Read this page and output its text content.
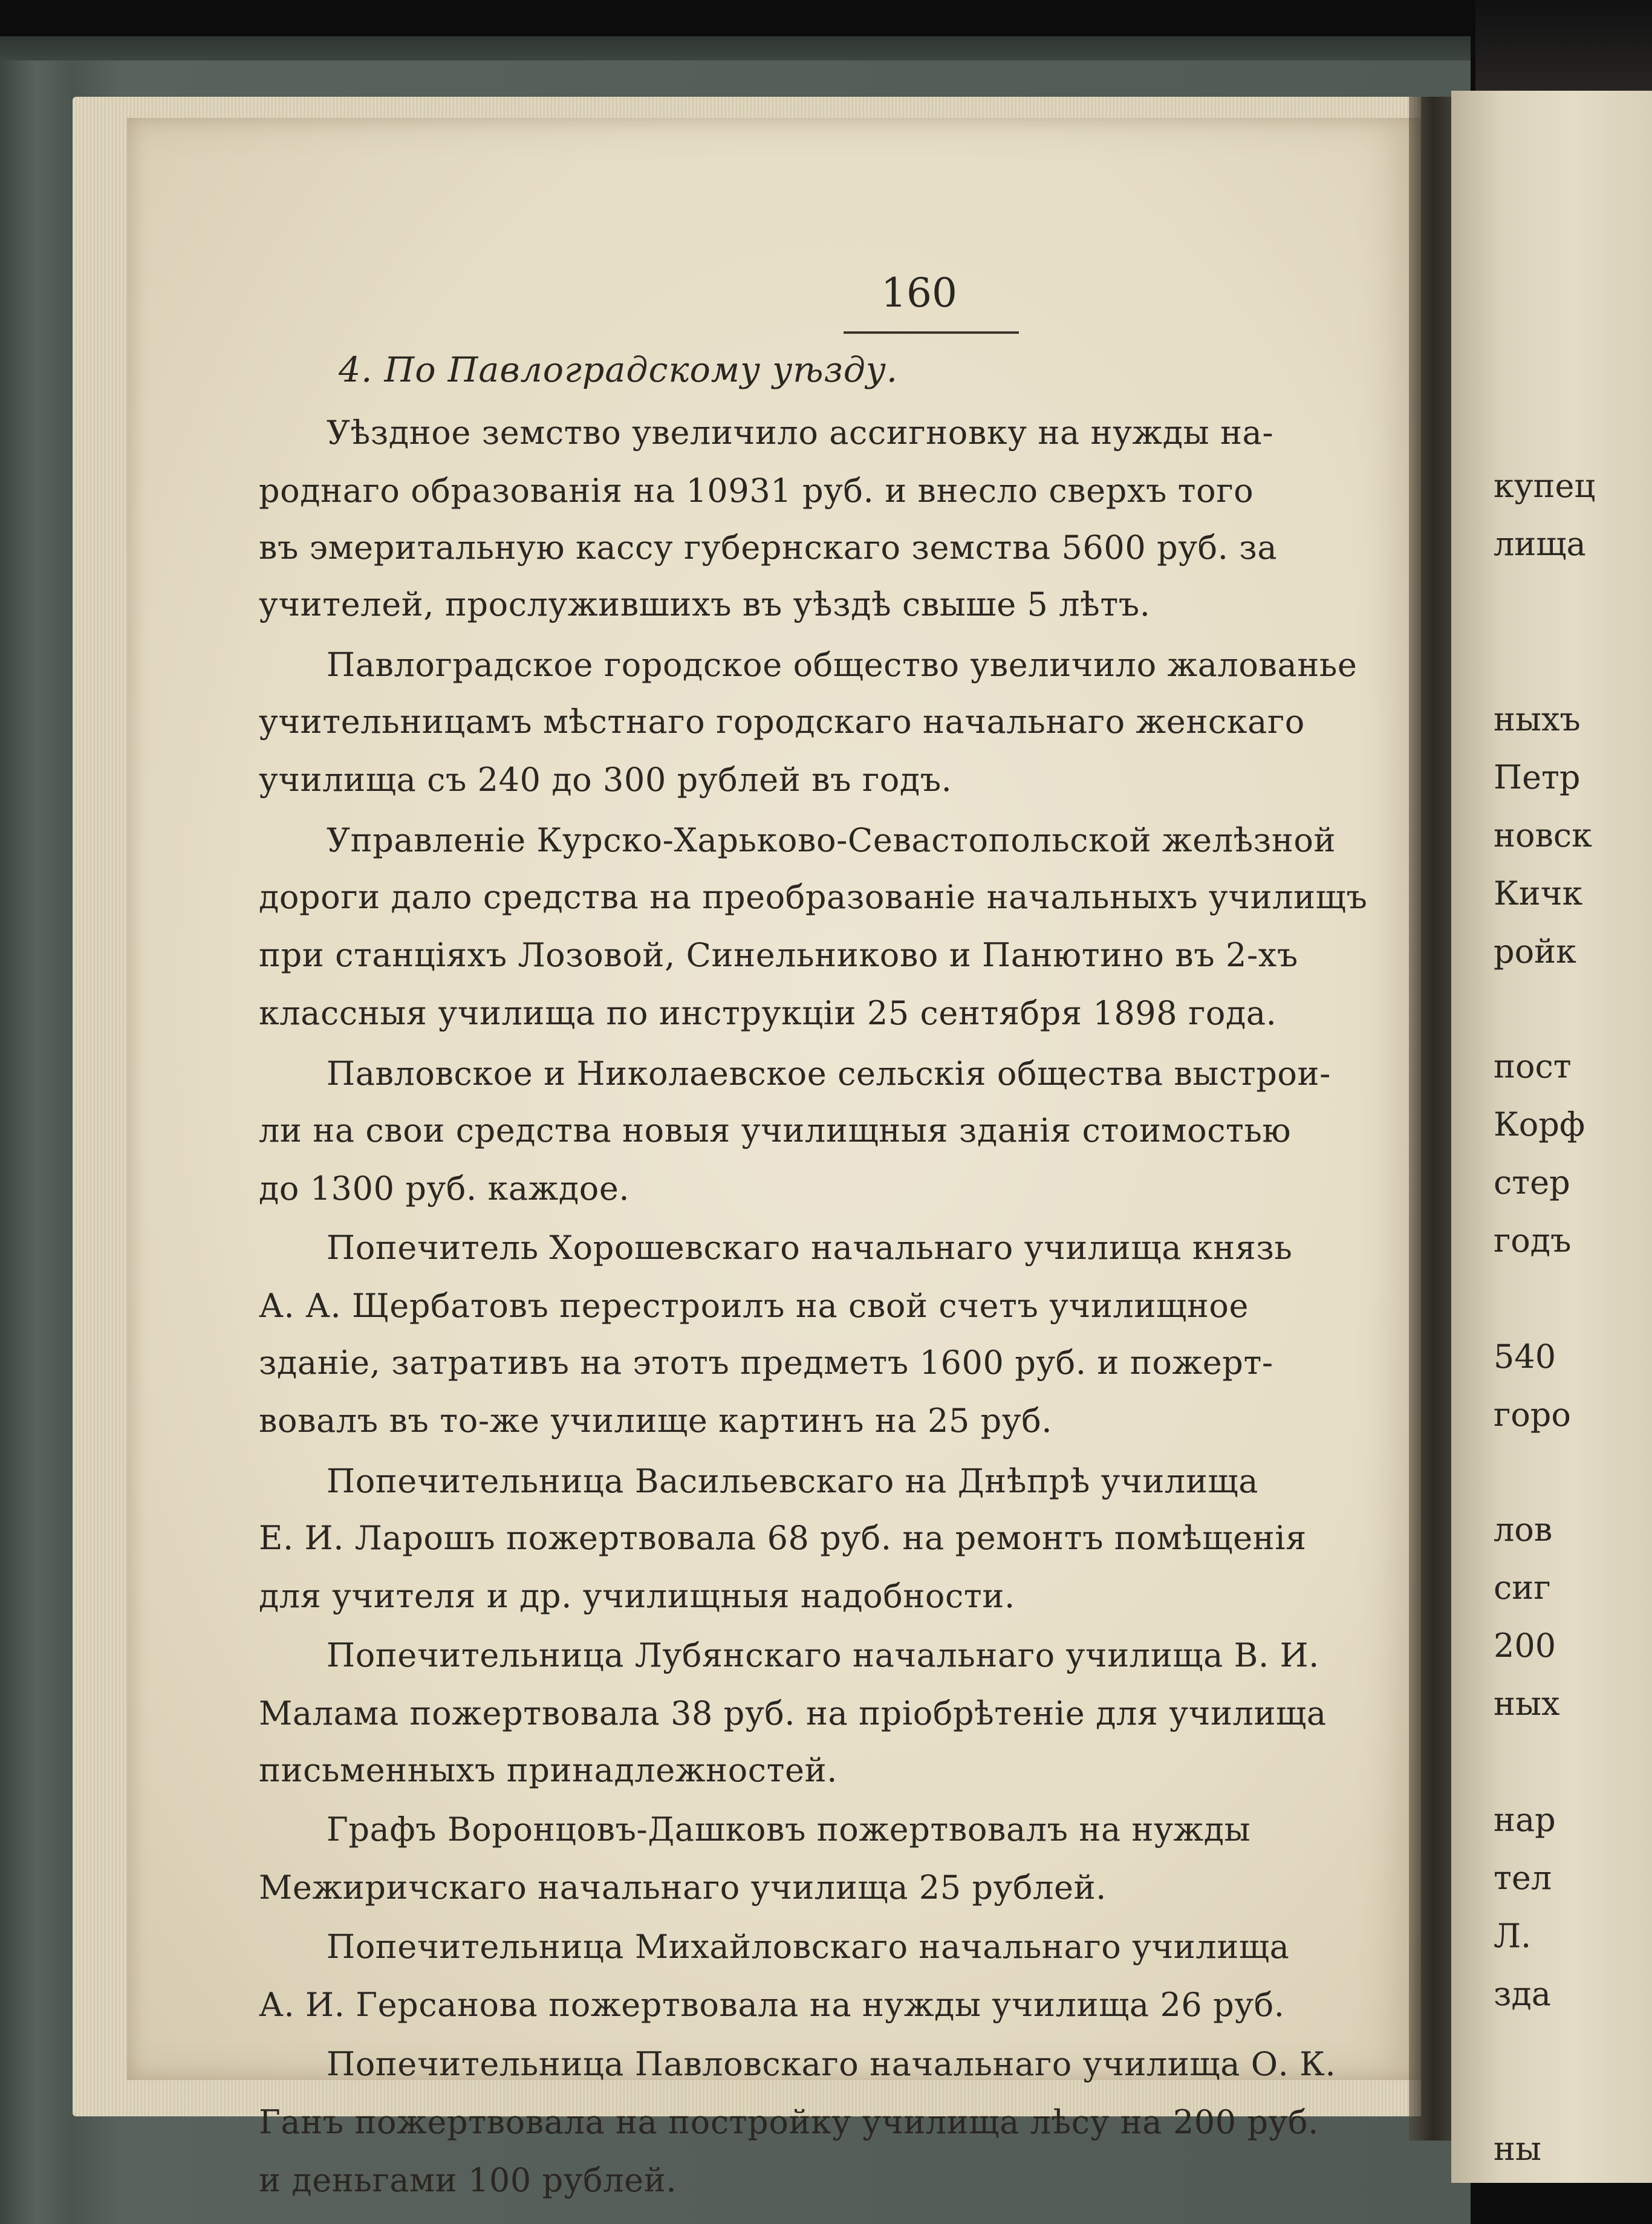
160
4. По Павлоградскому уѣзду.
Уѣздное земство увеличило ассигновку на нужды на-
роднаго образованія на 10931 руб. и внесло сверхъ того
въ эмеритальную кассу губернскаго земства 5600 руб. за
учителей, прослужившихъ въ уѣздѣ свыше 5 лѣтъ.
Павлоградское городское общество увеличило жалованье
учительницамъ мѣстнаго городскаго начальнаго женскаго
училища съ 240 до 300 рублей въ годъ.
Управленіе Курско-Харьково-Севастопольской желѣзной
дороги дало средства на преобразованіе начальныхъ училищъ
при станціяхъ Лозовой, Синельниково и Панютино въ 2-хъ
классныя училища по инструкціи 25 сентября 1898 года.
Павловское и Николаевское сельскія общества выстрои-
ли на свои средства новыя училищныя зданія стоимостью
до 1300 руб. каждое.
Попечитель Хорошевскаго начальнаго училища князь
А. А. Щербатовъ перестроилъ на свой счетъ училищное
зданіе, затративъ на этотъ предметъ 1600 руб. и пожерт-
вовалъ въ то-же училище картинъ на 25 руб.
Попечительница Васильевскаго на Днѣпрѣ училища
Е. И. Ларошъ пожертвовала 68 руб. на ремонтъ помѣщенія
для учителя и др. училищныя надобности.
Попечительница Лубянскаго начальнаго училища В. И.
Малама пожертвовала 38 руб. на пріобрѣтеніе для училища
письменныхъ принадлежностей.
Графъ Воронцовъ-Дашковъ пожертвовалъ на нужды
Межиричскаго начальнаго училища 25 рублей.
Попечительница Михайловскаго начальнаго училища
А. И. Герсанова пожертвовала на нужды училища 26 руб.
Попечительница Павловскаго начальнаго училища О. К.
Ганъ пожертвовала на постройку училища лѣсу на 200 руб.
и деньгами 100 рублей.
купец
лища
ныхъ
Петр
новск
Кичк
ройк
пост
Корф
стер
годъ
540
горо
лов
сиг
200
ных
нар
тел
Л.
зда
ны
